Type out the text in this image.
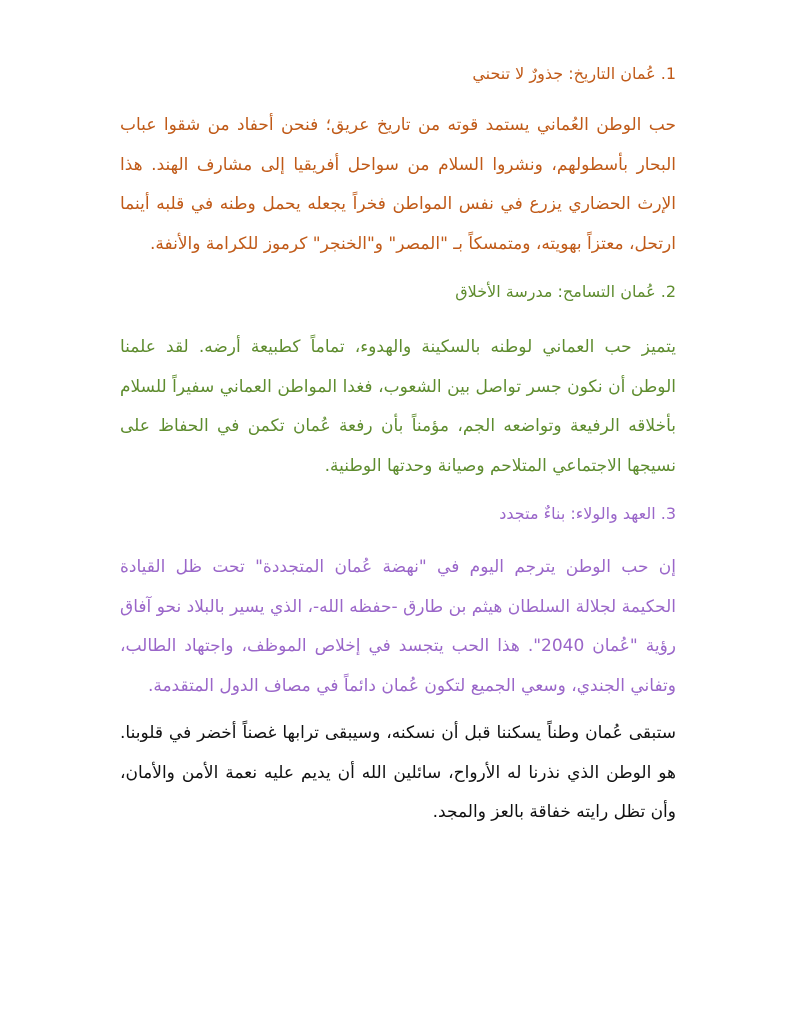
1. عُمان التاريخ: جذورٌ لا تنحني

حب الوطن العُماني يستمد قوته من تاريخ عريق؛ فنحن أحفاد من شقوا عباب البحار بأسطولهم، ونشروا السلام من سواحل أفريقيا إلى مشارف الهند. هذا الإرث الحضاري يزرع في نفس المواطن فخراً يجعله يحمل وطنه في قلبه أينما ارتحل، معتزاً بهويته، ومتمسكاً بـ "المصر" و"الخنجر" كرموز للكرامة والأنفة.

2. عُمان التسامح: مدرسة الأخلاق

يتميز حب العماني لوطنه بالسكينة والهدوء، تماماً كطبيعة أرضه. لقد علمنا الوطن أن نكون جسر تواصل بين الشعوب، فغدا المواطن العماني سفيراً للسلام بأخلاقه الرفيعة وتواضعه الجم، مؤمناً بأن رفعة عُمان تكمن في الحفاظ على نسيجها الاجتماعي المتلاحم وصيانة وحدتها الوطنية.

3. العهد والولاء: بناءٌ متجدد

إن حب الوطن يترجم اليوم في "نهضة عُمان المتجددة" تحت ظل القيادة الحكيمة لجلالة السلطان هيثم بن طارق -حفظه الله-، الذي يسير بالبلاد نحو آفاق رؤية "عُمان 2040". هذا الحب يتجسد في إخلاص الموظف، واجتهاد الطالب، وتفاني الجندي، وسعي الجميع لتكون عُمان دائماً في مصاف الدول المتقدمة.

ستبقى عُمان وطناً يسكننا قبل أن نسكنه، وسيبقى ترابها غصناً أخضر في قلوبنا. هو الوطن الذي نذرنا له الأرواح، سائلين الله أن يديم عليه نعمة الأمن والأمان، وأن تظل رايته خفاقة بالعز والمجد.
